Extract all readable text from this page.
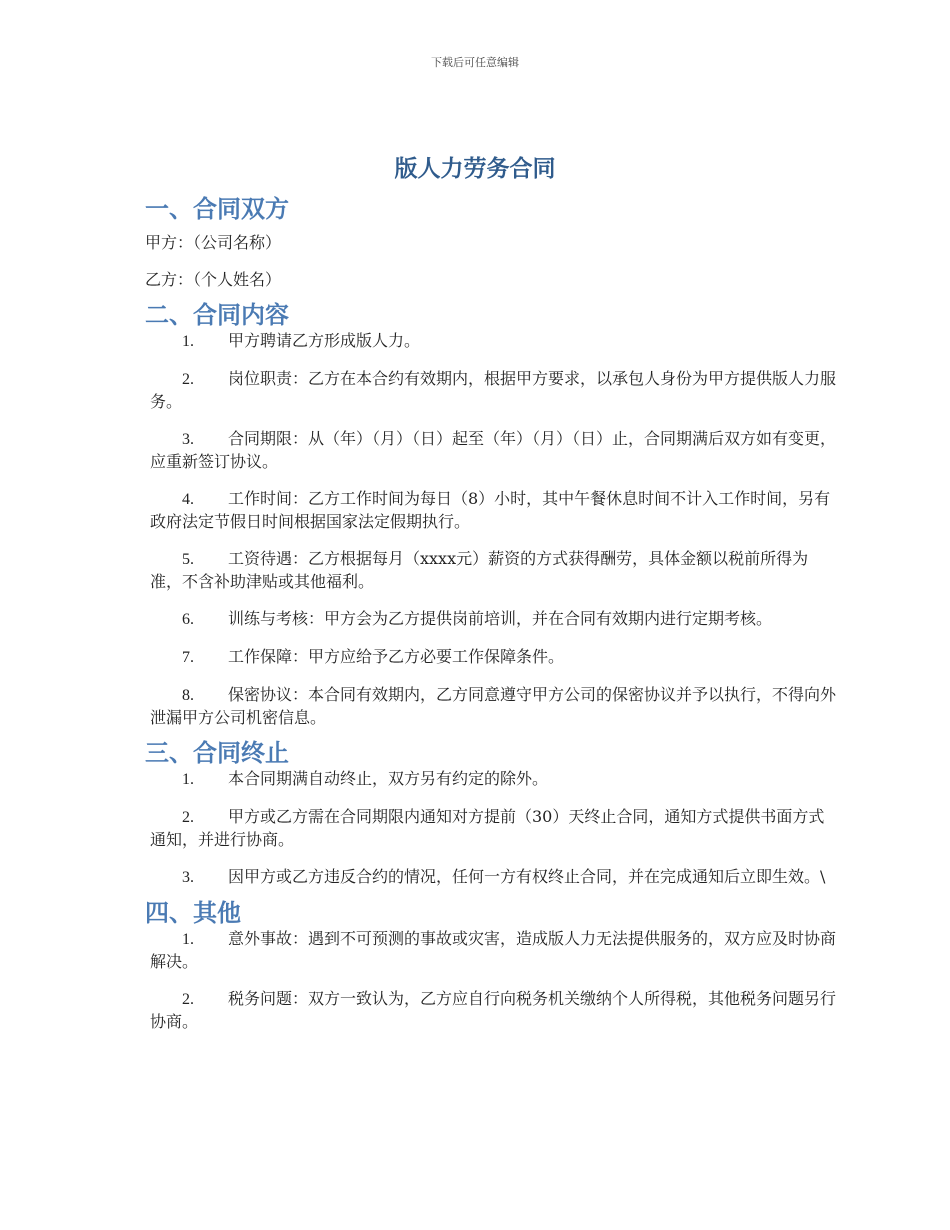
下载后可任意编辑
版人力劳务合同
一、合同双方
甲方：（公司名称）
乙方：（个人姓名）
二、合同内容
1. 甲方聘请乙方形成版人力。
2. 岗位职责：乙方在本合约有效期内，根据甲方要求，以承包人身份为甲方提供版人力服务。
3. 合同期限：从（年）（月）（日）起至（年）（月）（日）止，合同期满后双方如有变更，应重新签订协议。
4. 工作时间：乙方工作时间为每日（8）小时，其中午餐休息时间不计入工作时间，另有政府法定节假日时间根据国家法定假期执行。
5. 工资待遇：乙方根据每月（xxxx元）薪资的方式获得酬劳，具体金额以税前所得为准，不含补助津贴或其他福利。
6. 训练与考核：甲方会为乙方提供岗前培训，并在合同有效期内进行定期考核。
7. 工作保障：甲方应给予乙方必要工作保障条件。
8. 保密协议：本合同有效期内，乙方同意遵守甲方公司的保密协议并予以执行，不得向外泄漏甲方公司机密信息。
三、合同终止
1. 本合同期满自动终止，双方另有约定的除外。
2. 甲方或乙方需在合同期限内通知对方提前（30）天终止合同，通知方式提供书面方式通知，并进行协商。
3. 因甲方或乙方违反合约的情况，任何一方有权终止合同，并在完成通知后立即生效。\
四、其他
1. 意外事故：遇到不可预测的事故或灾害，造成版人力无法提供服务的，双方应及时协商解决。
2. 税务问题：双方一致认为，乙方应自行向税务机关缴纳个人所得税，其他税务问题另行协商。
